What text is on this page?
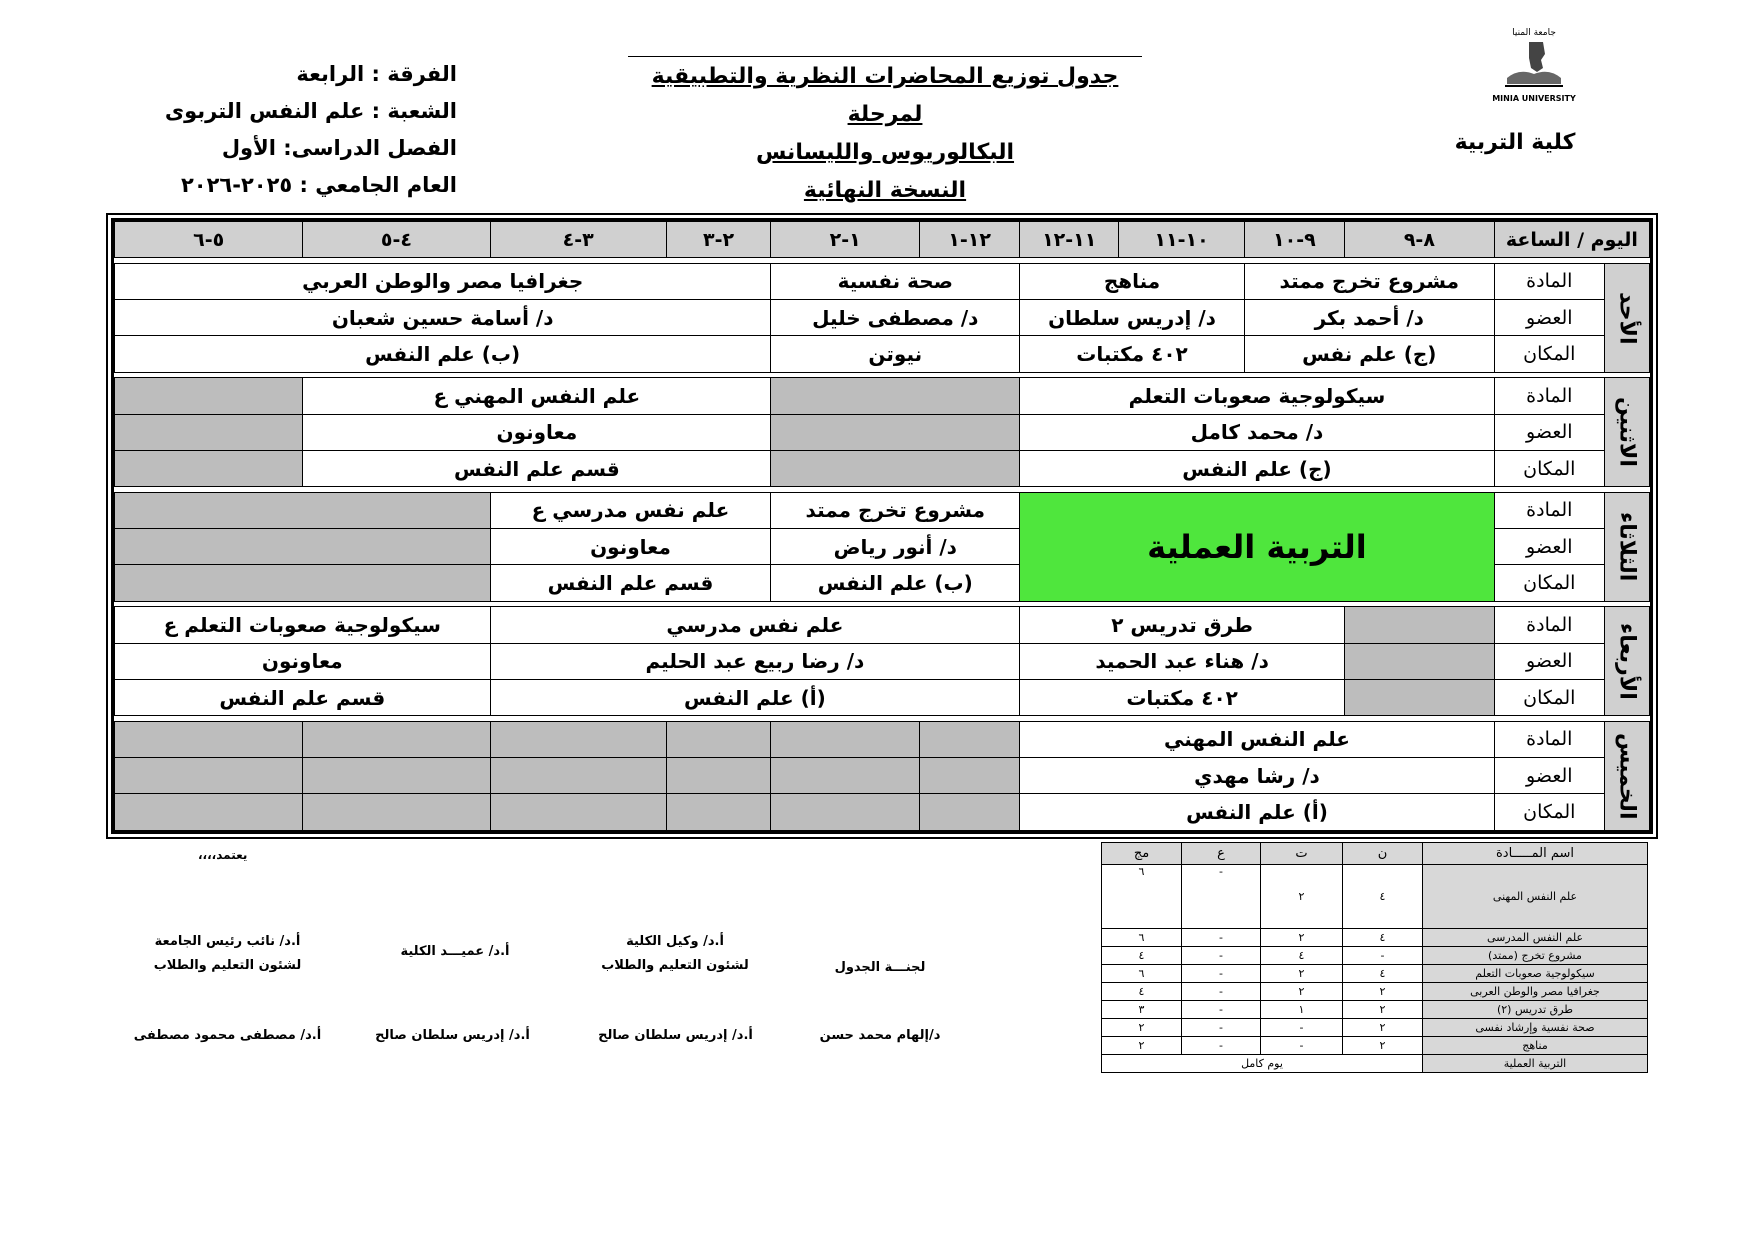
الفرقة : الرابعة
الشعبة : علم النفس التربوى
الفصل الدراسى: الأول
العام الجامعي : ٢٠٢٥-٢٠٢٦
جدول توزيع المحاضرات النظرية والتطبيقية لمرحلة
البكالوريوس والليسانس
النسخة النهائية
جامعة المنيا
MINIA UNIVERSITY
كلية التربية
اليوم / الساعة		٨-٩	٩-١٠	١٠-١١	١١-١٢	١٢-١	١-٢	٢-٣	٣-٤	٤-٥	٥-٦

الأحد	المادة	مشروع تخرج ممتد		مناهج		صحة نفسية		جغرافيا مصر والوطن العربي			
	العضو	د/ أحمد بكر		د/ إدريس سلطان		د/ مصطفى خليل		د/ أسامة حسين شعبان			
	المكان	(ج) علم نفس		٤٠٢ مكتبات		نيوتن		(ب) علم النفس			

الاثنين	المادة	سيكولوجية صعوبات التعلم						علم النفس المهني ع			
	العضو	د/ محمد كامل						معاونون			
	المكان	(ج) علم النفس						قسم علم النفس			

الثلاثاء	المادة	التربية العملية				مشروع تخرج ممتد		علم نفس مدرسي ع			
	العضو					د/ أنور رياض		معاونون			
	المكان					(ب) علم النفس		قسم علم النفس			

الأربعاء	المادة		طرق تدريس ٢			علم نفس مدرسي				سيكولوجية صعوبات التعلم ع	
	العضو		د/ هناء عبد الحميد			د/ رضا ربيع عبد الحليم				معاونون	
	المكان		٤٠٢ مكتبات			(أ) علم النفس				قسم علم النفس	

الخميس	المادة	علم النفس المهني									
	العضو	د/ رشا مهدي									
	المكان	(أ) علم النفس									
اسم المـــــادة	ن	ت	ع	مج
علم النفس المهنى	٤	٢	-	٦
علم النفس المدرسى	٤	٢	-	٦
مشروع تخرج (ممتد)	-	٤	-	٤
سيكولوجية صعوبات التعلم	٤	٢	-	٦
جغرافيا مصر والوطن العربى	٢	٢	-	٤
طرق تدريس (٢)	٢	١	-	٣
صحة نفسية وإرشاد نفسى	٢	-	-	٢
مناهج	٢	-	-	٢
التربية العملية	يوم كامل			
يعتمد،،،،
لجنـــة الجدول
د/إلهام محمد حسن
أ.د/ وكيل الكلية
لشئون التعليم والطلاب
أ.د/ إدريس سلطان صالح
أ.د/ عميـــد الكلية
أ.د/ إدريس سلطان صالح
أ.د/ نائب رئيس الجامعة
لشئون التعليم والطلاب
أ.د/ مصطفى محمود مصطفى
